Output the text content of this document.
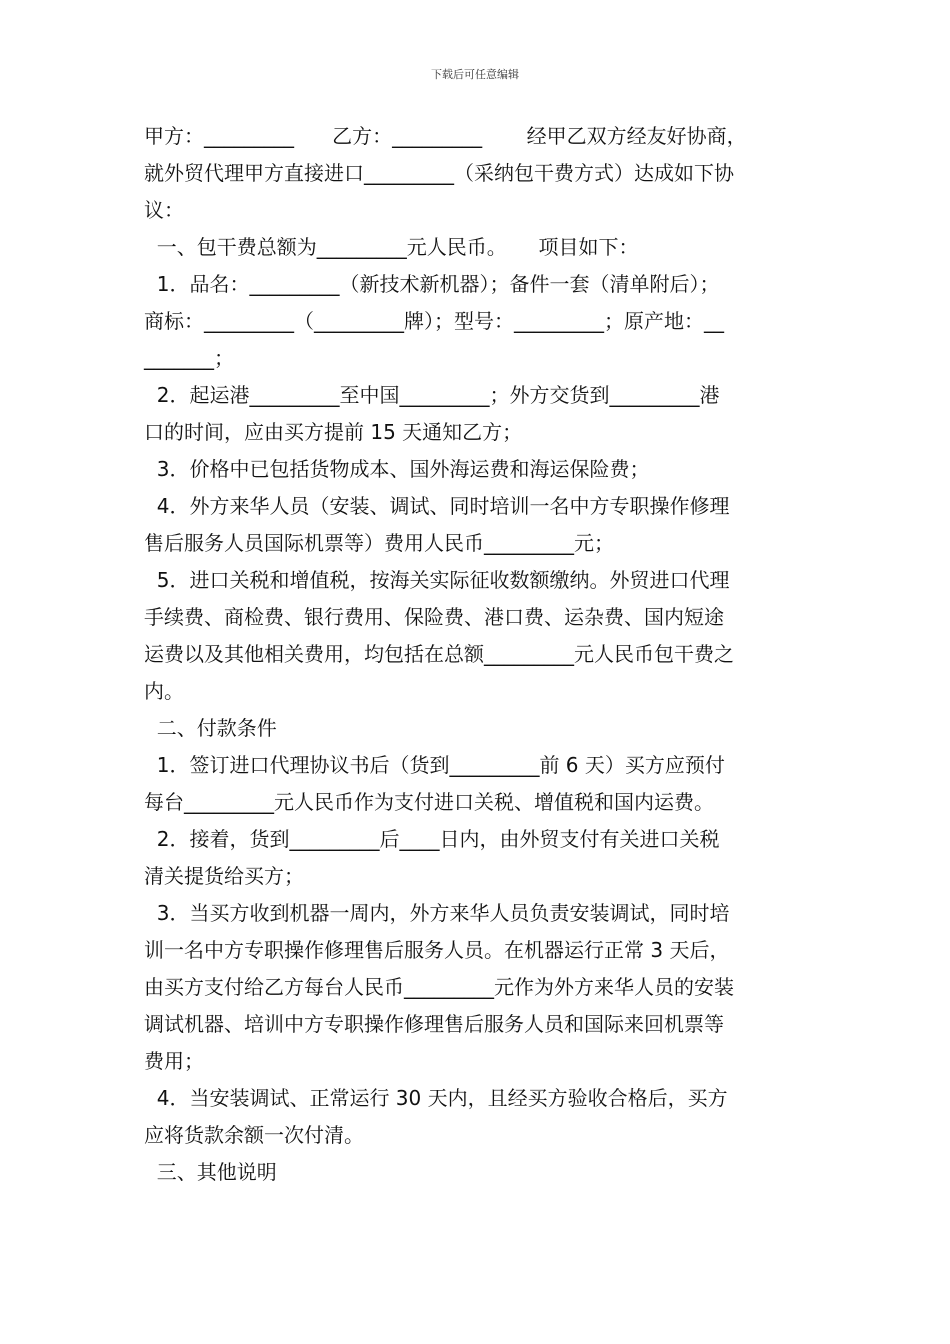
下载后可任意编辑
甲方：_________      乙方：_________       经甲乙双方经友好协商，
就外贸代理甲方直接进口_________（采纳包干费方式）达成如下协
议：
一、包干费总额为_________元人民币。     项目如下：
1．品名：_________（新技术新机器）；备件一套（清单附后）；
商标：_________（_________牌）；型号：_________；原产地：__
_______；
2．起运港_________至中国_________；外方交货到_________港
口的时间，应由买方提前 15 天通知乙方；
3．价格中已包括货物成本、国外海运费和海运保险费；
4．外方来华人员（安装、调试、同时培训一名中方专职操作修理
售后服务人员国际机票等）费用人民币_________元；
5．进口关税和增值税，按海关实际征收数额缴纳。外贸进口代理
手续费、商检费、银行费用、保险费、港口费、运杂费、国内短途
运费以及其他相关费用，均包括在总额_________元人民币包干费之
内。
二、付款条件
1．签订进口代理协议书后（货到_________前 6 天）买方应预付
每台_________元人民币作为支付进口关税、增值税和国内运费。
2．接着，货到_________后____日内，由外贸支付有关进口关税
清关提货给买方；
3．当买方收到机器一周内，外方来华人员负责安装调试，同时培
训一名中方专职操作修理售后服务人员。在机器运行正常 3 天后，
由买方支付给乙方每台人民币_________元作为外方来华人员的安装
调试机器、培训中方专职操作修理售后服务人员和国际来回机票等
费用；
4．当安装调试、正常运行 30 天内，且经买方验收合格后，买方
应将货款余额一次付清。
三、其他说明
